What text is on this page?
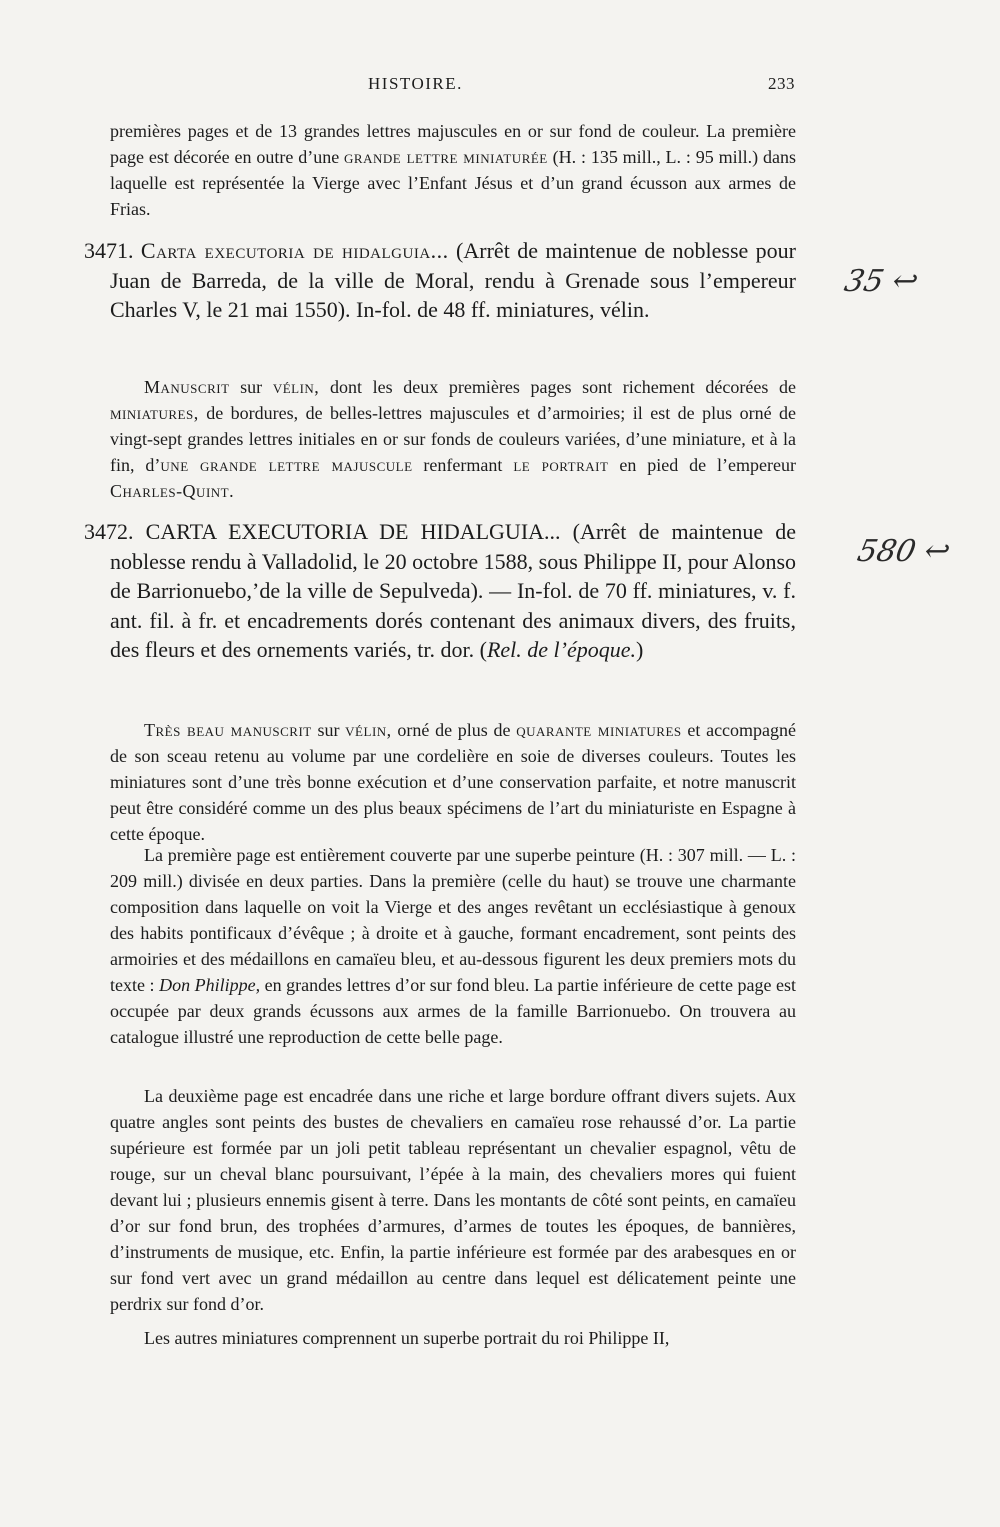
HISTOIRE.	233
premières pages et de 13 grandes lettres majuscules en or sur fond de couleur. La première page est décorée en outre d’une grande lettre miniaturée (H. : 135 mill., L. : 95 mill.) dans laquelle est représentée la Vierge avec l’Enfant Jésus et d’un grand écusson aux armes de Frias.
3471. Carta executoria de hidalguia... (Arrêt de maintenue de noblesse pour Juan de Barreda, de la ville de Moral, rendu à Grenade sous l’empereur Charles V, le 21 mai 1550). In-fol. de 48 ff. miniatures, vélin.
35 ↩
Manuscrit sur vélin, dont les deux premières pages sont richement décorées de miniatures, de bordures, de belles-lettres majuscules et d’armoiries; il est de plus orné de vingt-sept grandes lettres initiales en or sur fonds de couleurs variées, d’une miniature, et à la fin, d’une grande lettre majuscule renfermant le portrait en pied de l’empereur Charles-Quint.
3472. CARTA EXECUTORIA DE HIDALGUIA... (Arrêt de maintenue de noblesse rendu à Valladolid, le 20 octobre 1588, sous Philippe II, pour Alonso de Barrionuebo,’de la ville de Sepulveda). — In-fol. de 70 ff. miniatures, v. f. ant. fil. à fr. et encadrements dorés contenant des animaux divers, des fruits, des fleurs et des ornements variés, tr. dor. (Rel. de l’époque.)
580 ↩
Très beau manuscrit sur vélin, orné de plus de quarante miniatures et accompagné de son sceau retenu au volume par une cordelière en soie de diverses couleurs. Toutes les miniatures sont d’une très bonne exécution et d’une conservation parfaite, et notre manuscrit peut être considéré comme un des plus beaux spécimens de l’art du miniaturiste en Espagne à cette époque.
La première page est entièrement couverte par une superbe peinture (H. : 307 mill. — L. : 209 mill.) divisée en deux parties. Dans la première (celle du haut) se trouve une charmante composition dans laquelle on voit la Vierge et des anges revêtant un ecclésiastique à genoux des habits pontificaux d’évêque ; à droite et à gauche, formant encadrement, sont peints des armoiries et des médaillons en camaïeu bleu, et au-dessous figurent les deux premiers mots du texte : Don Philippe, en grandes lettres d’or sur fond bleu. La partie inférieure de cette page est occupée par deux grands écussons aux armes de la famille Barrionuebo. On trouvera au catalogue illustré une reproduction de cette belle page.
La deuxième page est encadrée dans une riche et large bordure offrant divers sujets. Aux quatre angles sont peints des bustes de chevaliers en camaïeu rose rehaussé d’or. La partie supérieure est formée par un joli petit tableau représentant un chevalier espagnol, vêtu de rouge, sur un cheval blanc poursuivant, l’épée à la main, des chevaliers mores qui fuient devant lui ; plusieurs ennemis gisent à terre. Dans les montants de côté sont peints, en camaïeu d’or sur fond brun, des trophées d’armures, d’armes de toutes les époques, de bannières, d’instruments de musique, etc. Enfin, la partie inférieure est formée par des arabesques en or sur fond vert avec un grand médaillon au centre dans lequel est délicatement peinte une perdrix sur fond d’or.
Les autres miniatures comprennent un superbe portrait du roi Philippe II,
